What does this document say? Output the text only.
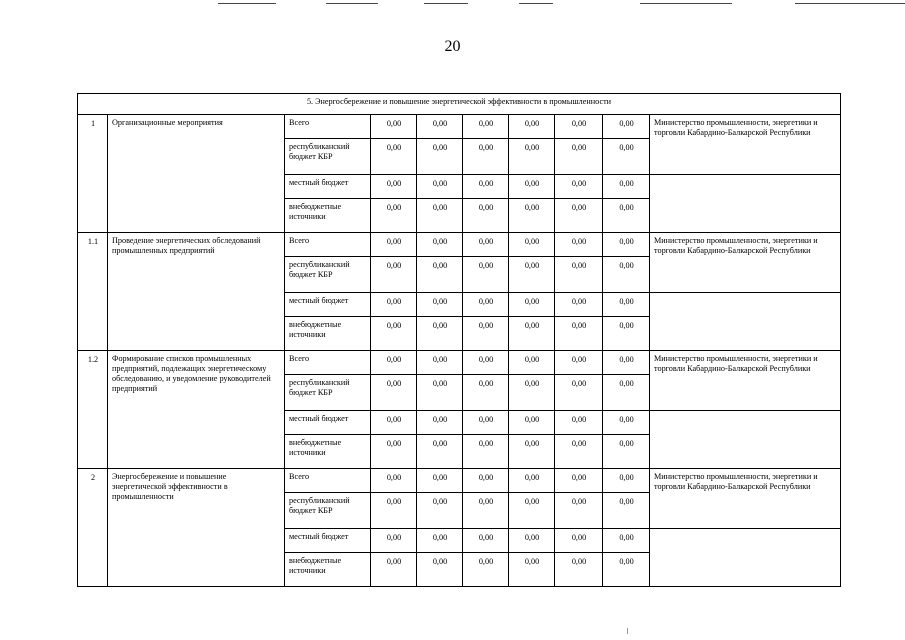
20
5. Энергосбережение и повышение энергетической эффективности в промышленности									
1	Организационные мероприятия	Всего	0,00	0,00	0,00	0,00	0,00	0,00	Министерство промышленности, энергетики и торговли Кабардино-Балкарской Республики
		республиканский бюджет КБР	0,00	0,00	0,00	0,00	0,00	0,00	
		местный бюджет	0,00	0,00	0,00	0,00	0,00	0,00	
		внебюджетные источники	0,00	0,00	0,00	0,00	0,00	0,00	
1.1	Проведение энергетических обследований промышленных предприятий	Всего	0,00	0,00	0,00	0,00	0,00	0,00	Министерство промышленности, энергетики и торговли Кабардино-Балкарской Республики
		республиканский бюджет КБР	0,00	0,00	0,00	0,00	0,00	0,00	
		местный бюджет	0,00	0,00	0,00	0,00	0,00	0,00	
		внебюджетные источники	0,00	0,00	0,00	0,00	0,00	0,00	
1.2	Формирование списков промышленных предприятий, подлежащих энергетическому обследованию, и уведомление руководителей предприятий	Всего	0,00	0,00	0,00	0,00	0,00	0,00	Министерство промышленности, энергетики и торговли Кабардино-Балкарской Республики
		республиканский бюджет КБР	0,00	0,00	0,00	0,00	0,00	0,00	
		местный бюджет	0,00	0,00	0,00	0,00	0,00	0,00	
		внебюджетные источники	0,00	0,00	0,00	0,00	0,00	0,00	
2	Энергосбережение и повышение энергетической эффективности в промышленности	Всего	0,00	0,00	0,00	0,00	0,00	0,00	Министерство промышленности, энергетики и торговли Кабардино-Балкарской Республики
		республиканский бюджет КБР	0,00	0,00	0,00	0,00	0,00	0,00	
		местный бюджет	0,00	0,00	0,00	0,00	0,00	0,00	
		внебюджетные источники	0,00	0,00	0,00	0,00	0,00	0,00	
